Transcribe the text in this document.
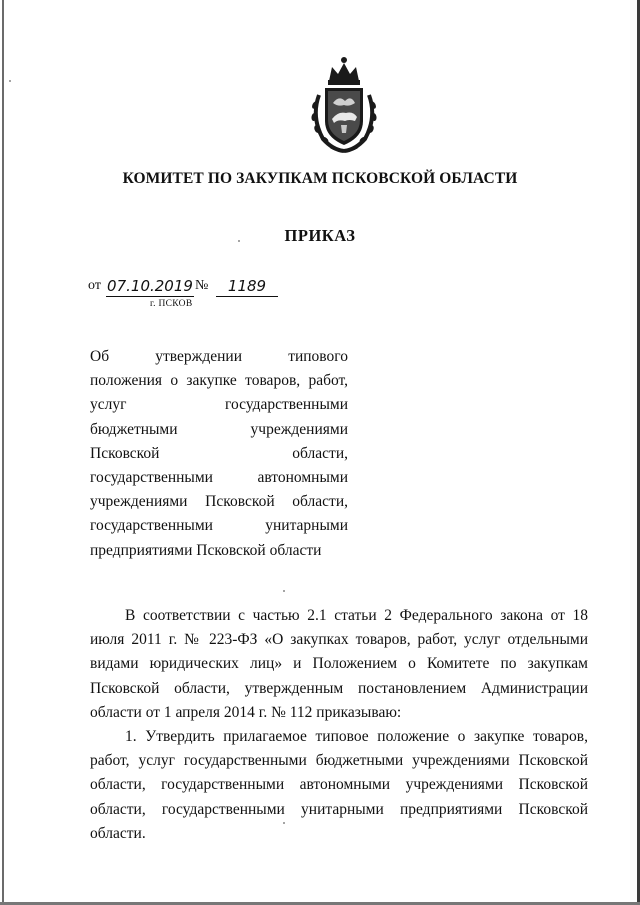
КОМИТЕТ ПО ЗАКУПКАМ ПСКОВСКОЙ ОБЛАСТИ
ПРИКАЗ
от 07.10.2019 №	1189
г. ПСКОВ
Об утверждении типового
положения о закупке товаров, работ,
услуг государственными
бюджетными учреждениями
Псковской области,
государственными автономными
учреждениями Псковской области,
государственными унитарными
предприятиями Псковской области

В соответствии с частью 2.1 статьи 2 Федерального закона от 18 июля 2011 г. № 223-ФЗ «О закупках товаров, работ, услуг отдельными видами юридических лиц» и Положением о Комитете по закупкам Псковской области, утвержденным постановлением Администрации области от 1 апреля 2014 г. № 112 приказываю:

1. Утвердить прилагаемое типовое положение о закупке товаров, работ, услуг государственными бюджетными учреждениями Псковской области, государственными автономными учреждениями Псковской области, государственными унитарными предприятиями Псковской области.
